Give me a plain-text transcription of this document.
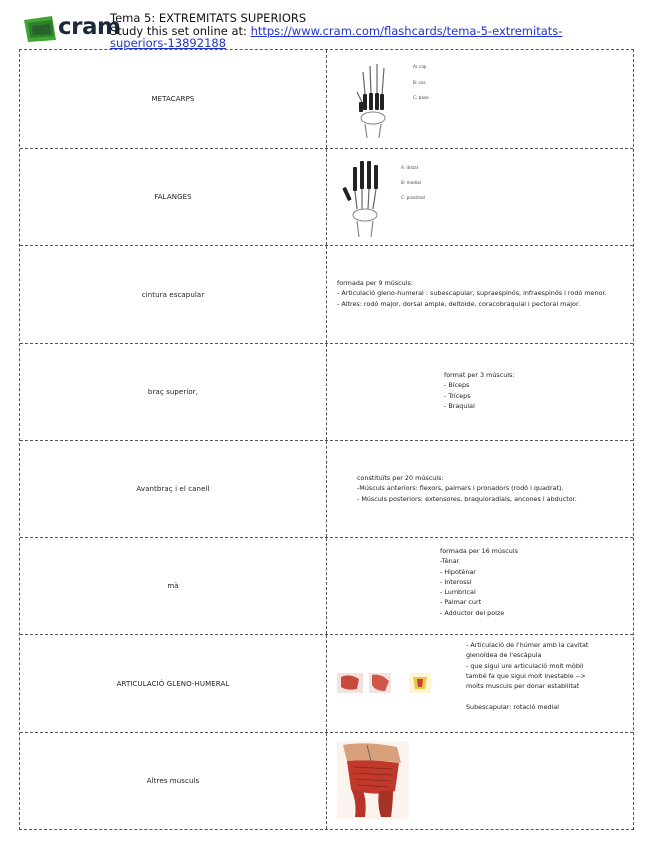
cram
Tema 5: EXTREMITATS SUPERIORS
Study this set online at: https://www.cram.com/flashcards/tema-5-extremitats-
superiors-13892188
METACARPS
Ar cap
B: cos
C: base
FALANGES
A: distal
B: medial
C: proximal
cintura escapular
formada per 9 músculs:
- Articulació gleno-humeral : subescapular, supraespinós, infraespinós i rodó menor.
- Altres: rodó major, dorsal ample, deltoide, coracobraquial i pectoral major.
braç superior,
format per 3 músculs:
- Bíceps
- Tríceps
- Braquial
Avantbraç i el canell
constituïts per 20 músculs:
-Músculs anteriors: flexors, palmars i pronadors (rodó i quadrat).
- Músculs posteriors: extensores, braquioradials, ancones i abductor.
mà
formada per 16 músculs
-Tènar
- Hipotènar
- Interossi
- Lumbrical
- Palmar curt
- Adductor del polze
ARTICULACIÓ GLENO-HUMERAL
- Articulació de l'húmer amb la cavitat
glenoïdea de l'escàpula
- que sigui ure articulació molt mòbil
també fa que sigui molt inestable -->
molts musculs per donar estabilitat

Subescapular: rotació medial
Altres musculs
